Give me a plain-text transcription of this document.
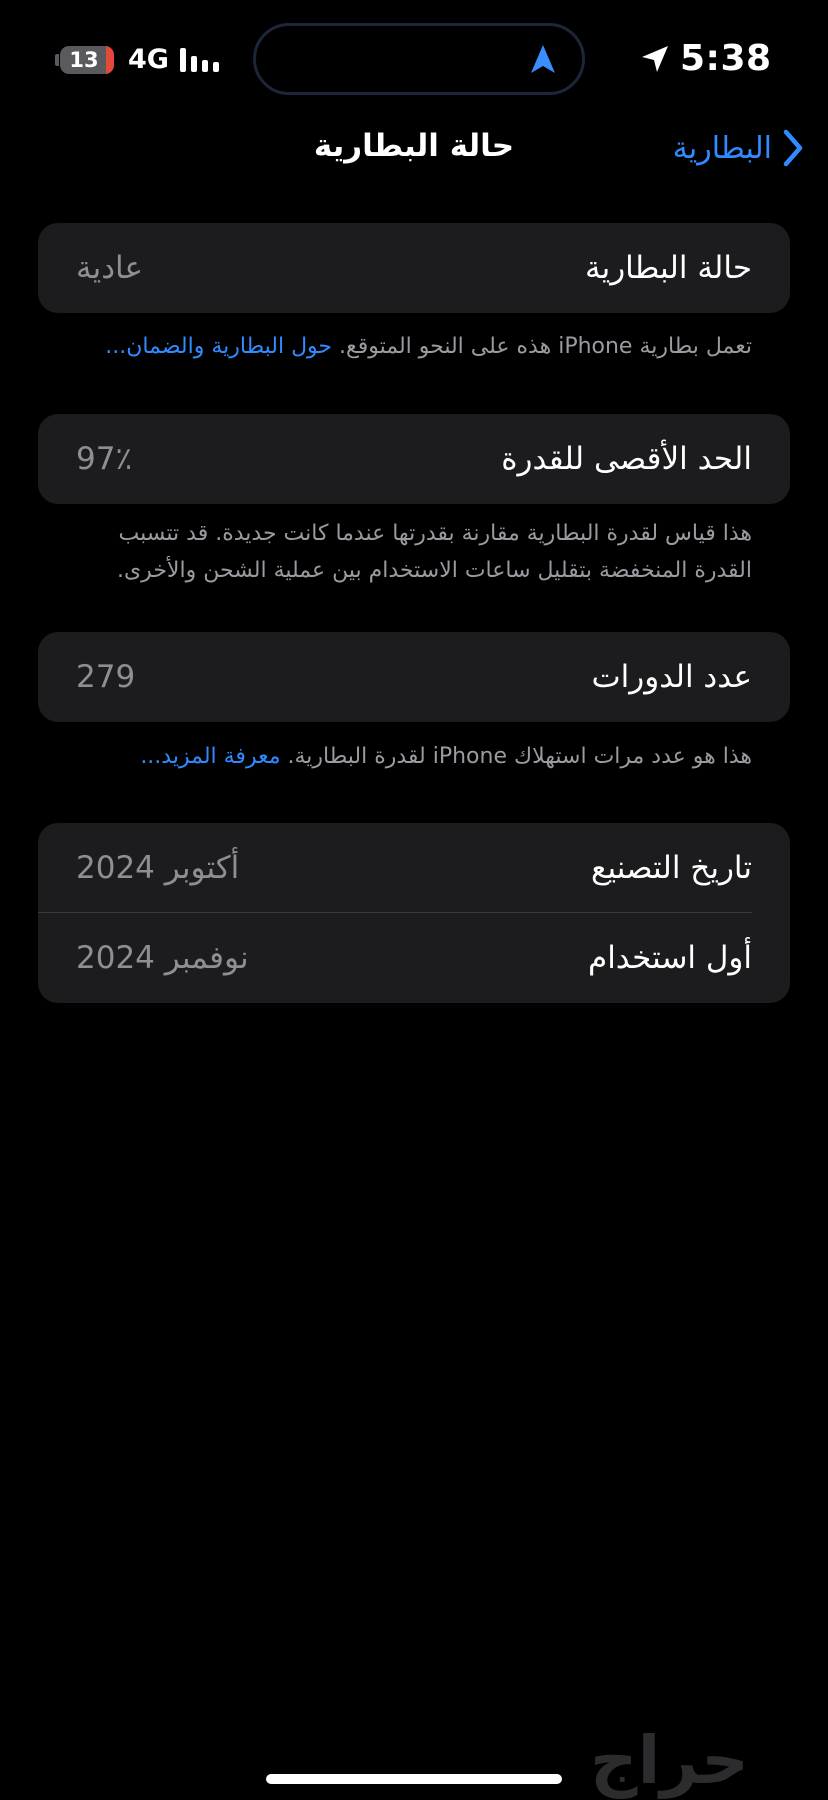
13	4G	5:38
البطارية
حالة البطارية
حالة البطارية
عادية
تعمل بطارية iPhone هذه على النحو المتوقع. حول البطارية والضمان...
الحد الأقصى للقدرة
97٪
هذا قياس لقدرة البطارية مقارنة بقدرتها عندما كانت جديدة. قد تتسبب القدرة المنخفضة بتقليل ساعات الاستخدام بين عملية الشحن والأخرى.
عدد الدورات
279
هذا هو عدد مرات استهلاك iPhone لقدرة البطارية. معرفة المزيد...
تاريخ التصنيع
أكتوبر 2024
أول استخدام
نوفمبر 2024
حراج
